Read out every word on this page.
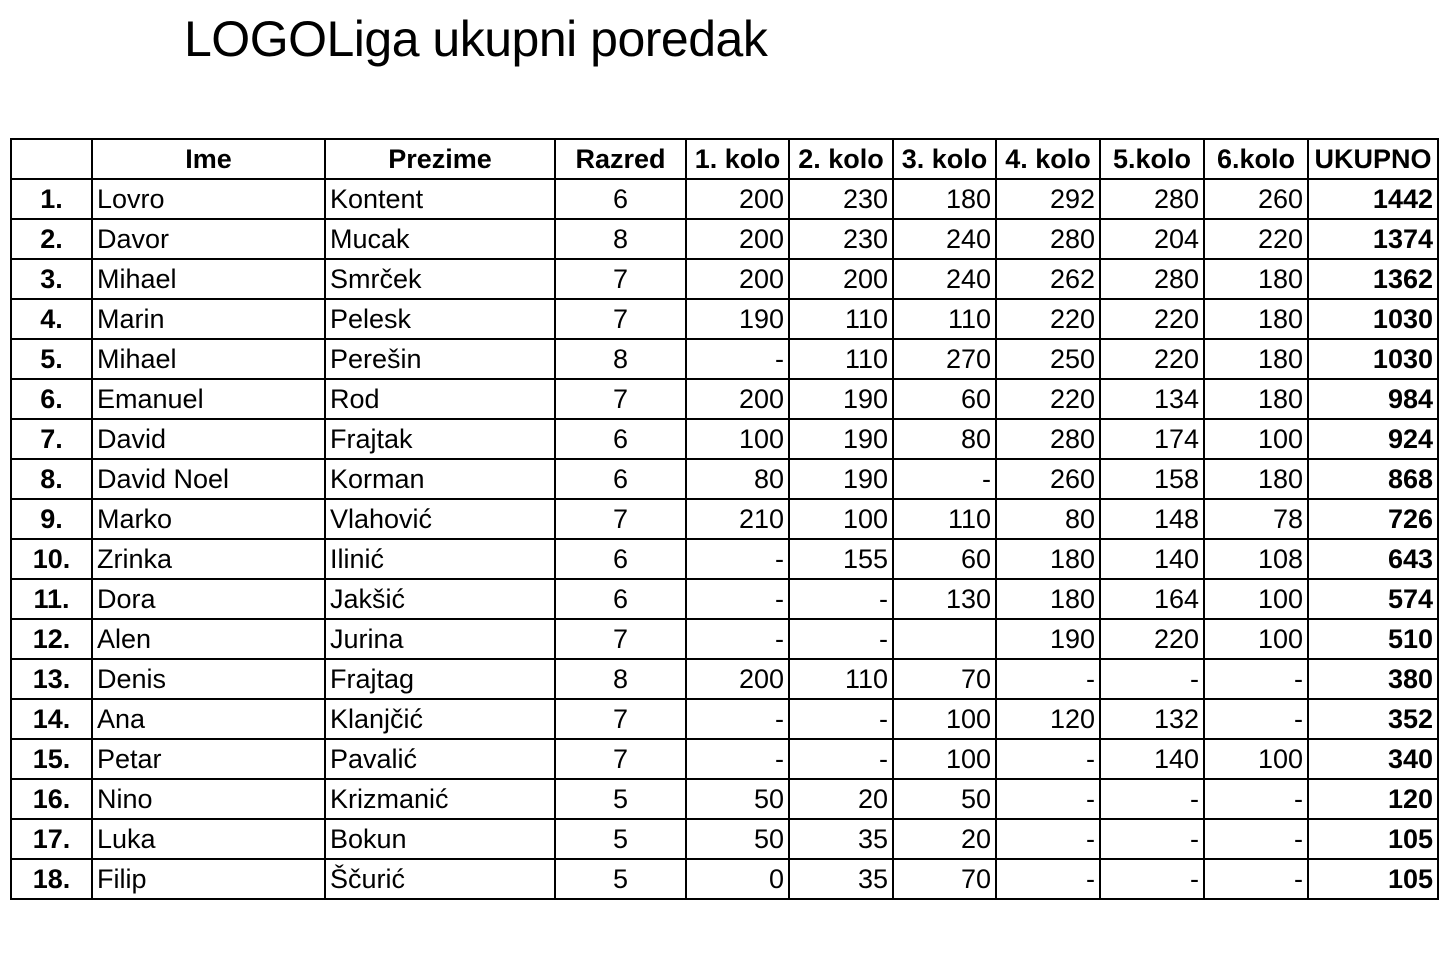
LOGOLiga ukupni poredak
	Ime	Prezime	Razred	1. kolo	2. kolo	3. kolo	4. kolo	5.kolo	6.kolo	UKUPNO
1.	Lovro	Kontent	6	200	230	180	292	280	260	1442
2.	Davor	Mucak	8	200	230	240	280	204	220	1374
3.	Mihael	Smrček	7	200	200	240	262	280	180	1362
4.	Marin	Pelesk	7	190	110	110	220	220	180	1030
5.	Mihael	Perešin	8	-	110	270	250	220	180	1030
6.	Emanuel	Rod	7	200	190	60	220	134	180	984
7.	David	Frajtak	6	100	190	80	280	174	100	924
8.	David Noel	Korman	6	80	190	-	260	158	180	868
9.	Marko	Vlahović	7	210	100	110	80	148	78	726
10.	Zrinka	Ilinić	6	-	155	60	180	140	108	643
11.	Dora	Jakšić	6	-	-	130	180	164	100	574
12.	Alen	Jurina	7	-	-		190	220	100	510
13.	Denis	Frajtag	8	200	110	70	-	-	-	380
14.	Ana	Klanjčić	7	-	-	100	120	132	-	352
15.	Petar	Pavalić	7	-	-	100	-	140	100	340
16.	Nino	Krizmanić	5	50	20	50	-	-	-	120
17.	Luka	Bokun	5	50	35	20	-	-	-	105
18.	Filip	Ščurić	5	0	35	70	-	-	-	105
